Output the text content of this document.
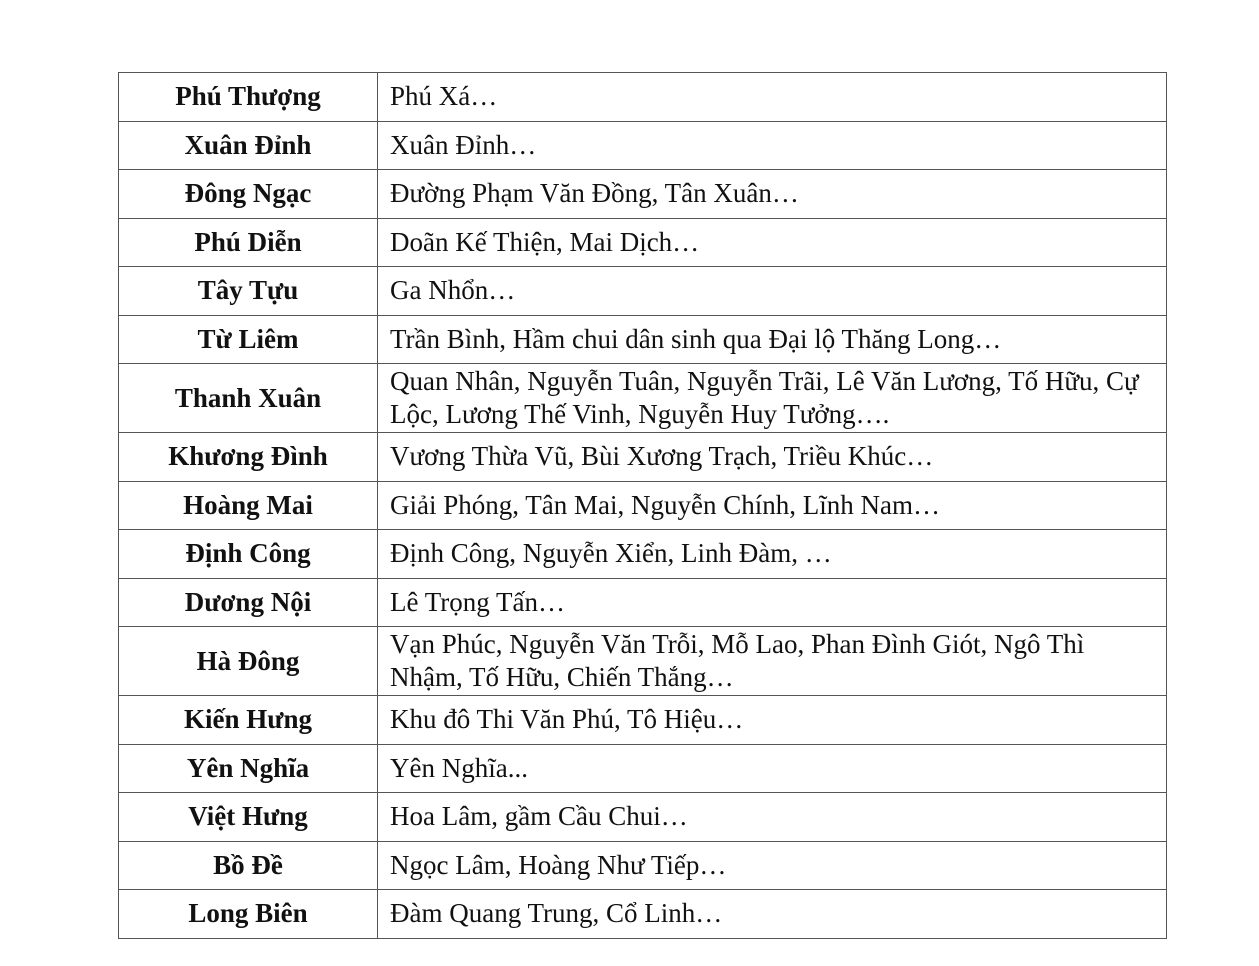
Phú Thượng	Phú Xá…
Xuân Đỉnh	Xuân Đỉnh…
Đông Ngạc	Đường Phạm Văn Đồng, Tân Xuân…
Phú Diễn	Doãn Kế Thiện, Mai Dịch…
Tây Tựu	Ga Nhổn…
Từ Liêm	Trần Bình, Hầm chui dân sinh qua Đại lộ Thăng Long…
Thanh Xuân	Quan Nhân, Nguyễn Tuân, Nguyễn Trãi, Lê Văn Lương, Tố Hữu, Cự Lộc, Lương Thế Vinh, Nguyễn Huy Tưởng….
Khương Đình	Vương Thừa Vũ, Bùi Xương Trạch, Triều Khúc…
Hoàng Mai	Giải Phóng, Tân Mai, Nguyễn Chính, Lĩnh Nam…
Định Công	Định Công, Nguyễn Xiển, Linh Đàm, …
Dương Nội	Lê Trọng Tấn…
Hà Đông	Vạn Phúc, Nguyễn Văn Trỗi, Mỗ Lao, Phan Đình Giót, Ngô Thì Nhậm, Tố Hữu, Chiến Thắng…
Kiến Hưng	Khu đô Thi Văn Phú, Tô Hiệu…
Yên Nghĩa	Yên Nghĩa...
Việt Hưng	Hoa Lâm, gầm Cầu Chui…
Bồ Đề	Ngọc Lâm, Hoàng Như Tiếp…
Long Biên	Đàm Quang Trung, Cổ Linh…
